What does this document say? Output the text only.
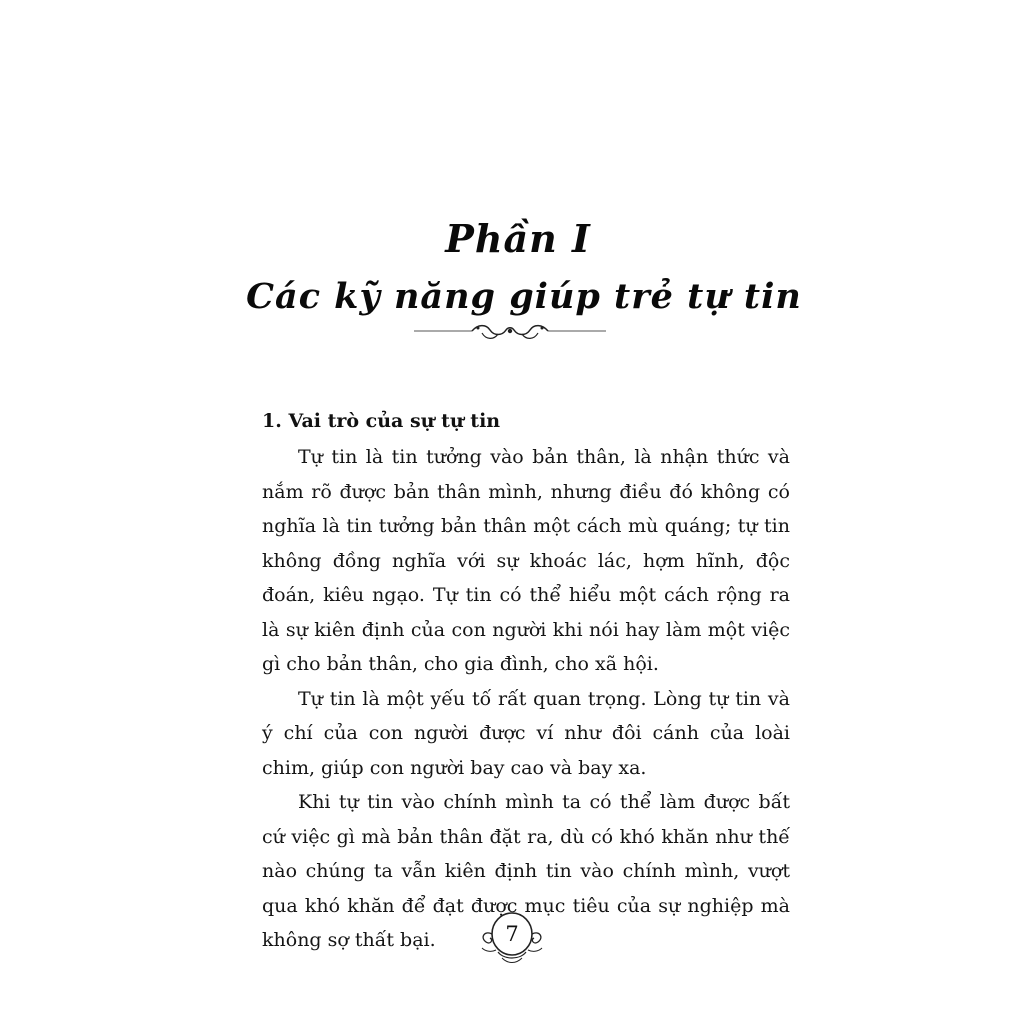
Phần I
Các kỹ năng giúp trẻ tự tin
1. Vai trò của sự tự tin

Tự tin là tin tưởng vào bản thân, là nhận thức và nắm rõ được bản thân mình, nhưng điều đó không có nghĩa là tin tưởng bản thân một cách mù quáng; tự tin không đồng nghĩa với sự khoác lác, hợm hĩnh, độc đoán, kiêu ngạo. Tự tin có thể hiểu một cách rộng ra là sự kiên định của con người khi nói hay làm một việc gì cho bản thân, cho gia đình, cho xã hội.

Tự tin là một yếu tố rất quan trọng. Lòng tự tin và ý chí của con người được ví như đôi cánh của loài chim, giúp con người bay cao và bay xa.

Khi tự tin vào chính mình ta có thể làm được bất cứ việc gì mà bản thân đặt ra, dù có khó khăn như thế nào chúng ta vẫn kiên định tin vào chính mình, vượt qua khó khăn để đạt được mục tiêu của sự nghiệp mà không sợ thất bại.	7
